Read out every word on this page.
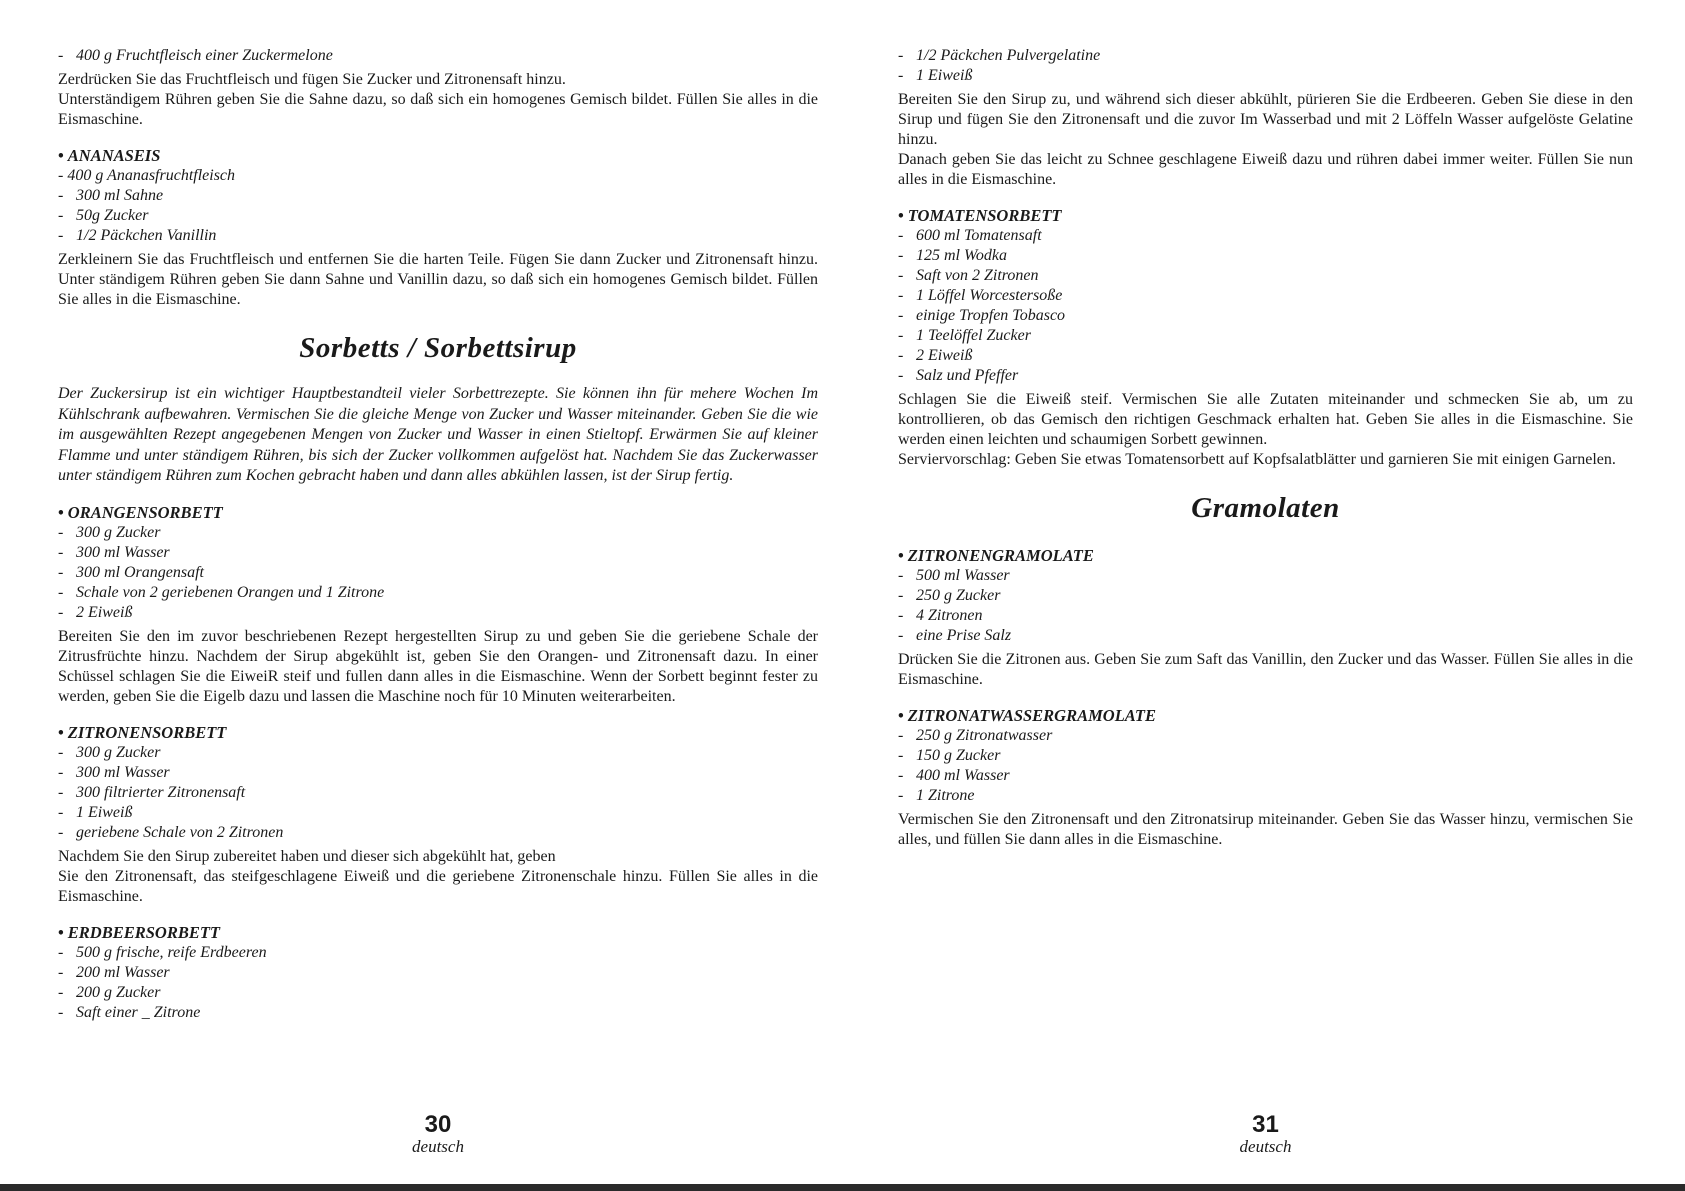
- 400 g Fruchtfleisch einer Zuckermelone
Zerdrücken Sie das Fruchtfleisch und fügen Sie Zucker und Zitronensaft hinzu.
Unterständigem Rühren geben Sie die Sahne dazu, so daß sich ein homogenes Gemisch bildet. Füllen Sie alles in die Eismaschine.
• ANANASEIS
- 400 g Ananasfruchtfleisch
- 300 ml Sahne
- 50g Zucker
- 1/2 Päckchen Vanillin
Zerkleinern Sie das Fruchtfleisch und entfernen Sie die harten Teile. Fügen Sie dann Zucker und Zitronensaft hinzu. Unter ständigem Rühren geben Sie dann Sahne und Vanillin dazu, so daß sich ein homogenes Gemisch bildet. Füllen Sie alles in die Eismaschine.
Sorbetts / Sorbettsirup
Der Zuckersirup ist ein wichtiger Hauptbestandteil vieler Sorbettrezepte. Sie können ihn für mehere Wochen Im Kühlschrank aufbewahren. Vermischen Sie die gleiche Menge von Zucker und Wasser miteinander. Geben Sie die wie im ausgewählten Rezept angegebenen Mengen von Zucker und Wasser in einen Stieltopf. Erwärmen Sie auf kleiner Flamme und unter ständigem Rühren, bis sich der Zucker vollkommen aufgelöst hat. Nachdem Sie das Zuckerwasser unter ständigem Rühren zum Kochen gebracht haben und dann alles abkühlen lassen, ist der Sirup fertig.
• ORANGENSORBETT
- 300 g Zucker
- 300 ml Wasser
- 300 ml Orangensaft
- Schale von 2 geriebenen Orangen und 1 Zitrone
- 2 Eiweiß
Bereiten Sie den im zuvor beschriebenen Rezept hergestellten Sirup zu und geben Sie die geriebene Schale der Zitrusfrüchte hinzu. Nachdem der Sirup abgekühlt ist, geben Sie den Orangen- und Zitronensaft dazu. In einer Schüssel schlagen Sie die EiweiR steif und fullen dann alles in die Eismaschine. Wenn der Sorbett beginnt fester zu werden, geben Sie die Eigelb dazu und lassen die Maschine noch für 10 Minuten weiterarbeiten.
• ZITRONENSORBETT
- 300 g Zucker
- 300 ml Wasser
- 300 filtrierter Zitronensaft
- 1 Eiweiß
- geriebene Schale von 2 Zitronen
Nachdem Sie den Sirup zubereitet haben und dieser sich abgekühlt hat, geben
Sie den Zitronensaft, das steifgeschlagene Eiweiß und die geriebene Zitronenschale hinzu. Füllen Sie alles in die Eismaschine.
• ERDBEERSORBETT
- 500 g frische, reife Erdbeeren
- 200 ml Wasser
- 200 g Zucker
- Saft einer _ Zitrone
30
deutsch
- 1/2 Päckchen Pulvergelatine
- 1 Eiweiß
Bereiten Sie den Sirup zu, und während sich dieser abkühlt, pürieren Sie die Erdbeeren. Geben Sie diese in den Sirup und fügen Sie den Zitronensaft und die zuvor Im Wasserbad und mit 2 Löffeln Wasser aufgelöste Gelatine hinzu.
Danach geben Sie das leicht zu Schnee geschlagene Eiweiß dazu und rühren dabei immer weiter. Füllen Sie nun alles in die Eismaschine.
• TOMATENSORBETT
- 600 ml Tomatensaft
- 125 ml Wodka
- Saft von 2 Zitronen
- 1 Löffel Worcestersoße
- einige Tropfen Tobasco
- 1 Teelöffel Zucker
- 2 Eiweiß
- Salz und Pfeffer
Schlagen Sie die Eiweiß steif. Vermischen Sie alle Zutaten miteinander und schmecken Sie ab, um zu kontrollieren, ob das Gemisch den richtigen Geschmack erhalten hat. Geben Sie alles in die Eismaschine. Sie werden einen leichten und schaumigen Sorbett gewinnen.
Serviervorschlag: Geben Sie etwas Tomatensorbett auf Kopfsalatblätter und garnieren Sie mit einigen Garnelen.
Gramolaten
• ZITRONENGRAMOLATE
- 500 ml Wasser
- 250 g Zucker
- 4 Zitronen
- eine Prise Salz
Drücken Sie die Zitronen aus. Geben Sie zum Saft das Vanillin, den Zucker und das Wasser. Füllen Sie alles in die Eismaschine.
• ZITRONATWASSERGRAMOLATE
- 250 g Zitronatwasser
- 150 g Zucker
- 400 ml Wasser
- 1 Zitrone
Vermischen Sie den Zitronensaft und den Zitronatsirup miteinander. Geben Sie das Wasser hinzu, vermischen Sie alles, und füllen Sie dann alles in die Eismaschine.
31
deutsch
